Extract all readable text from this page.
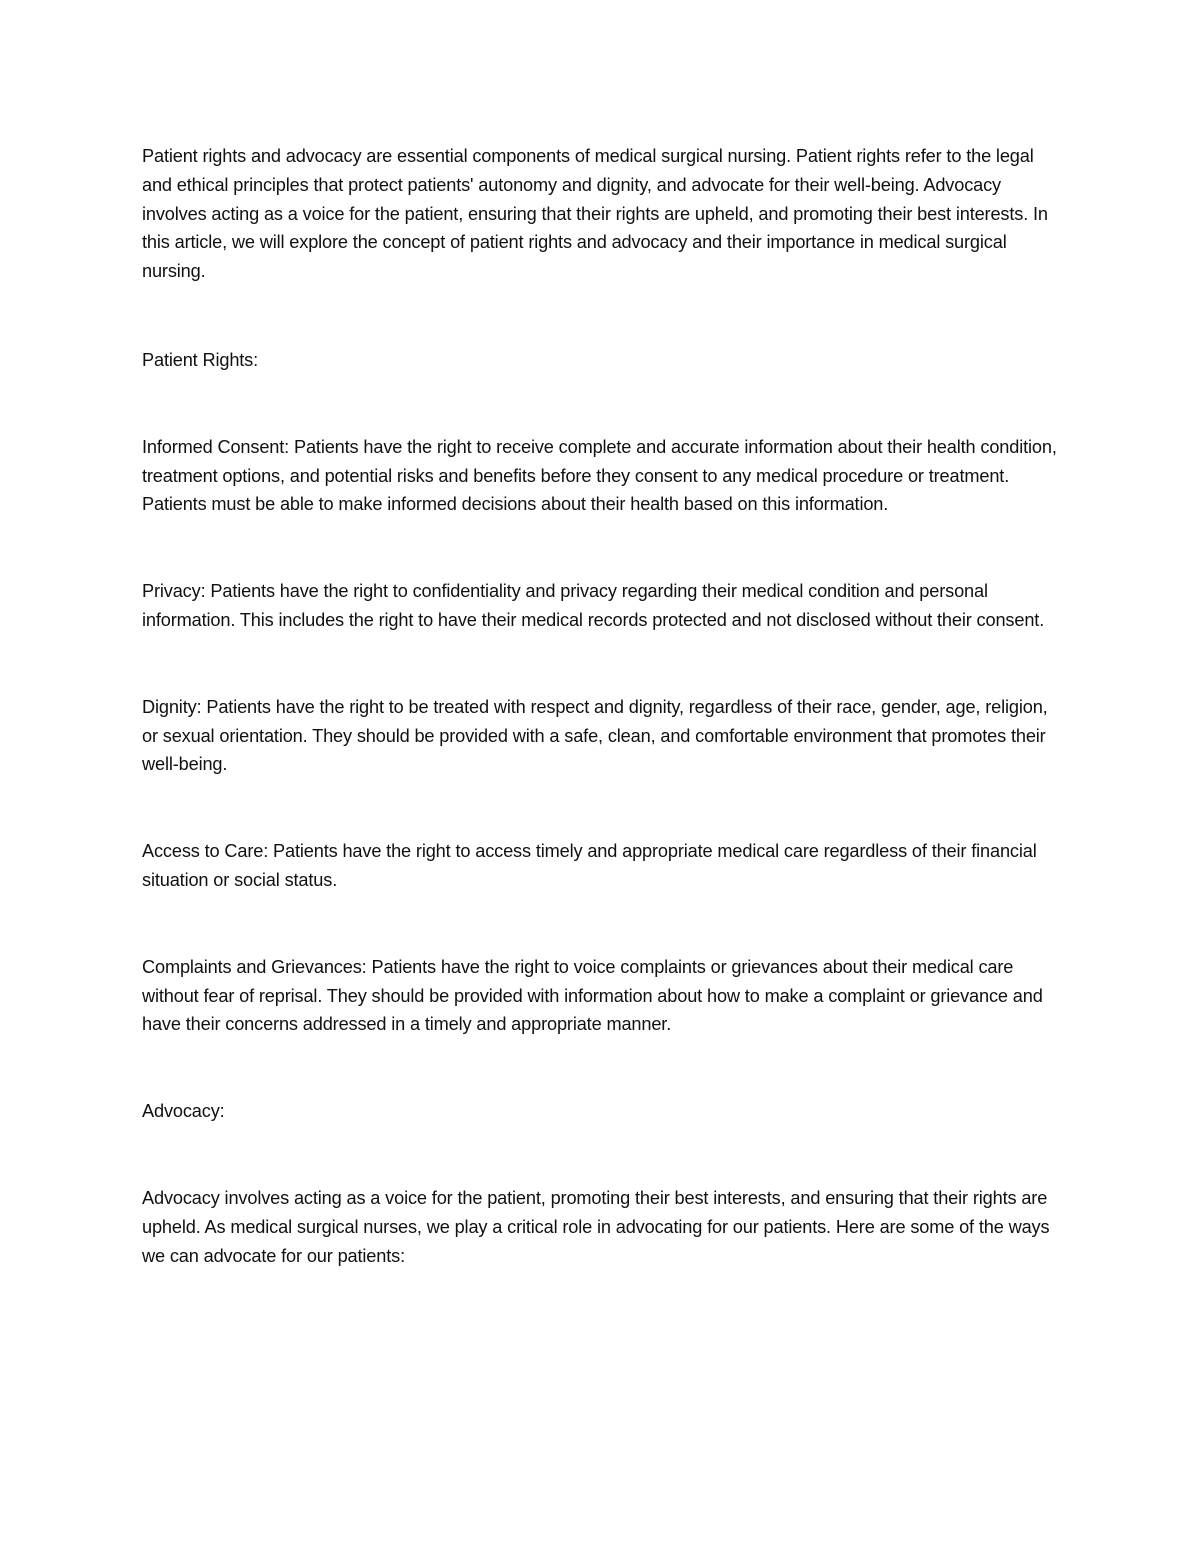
Patient rights and advocacy are essential components of medical surgical nursing. Patient rights refer to the legal and ethical principles that protect patients' autonomy and dignity, and advocate for their well-being. Advocacy involves acting as a voice for the patient, ensuring that their rights are upheld, and promoting their best interests. In this article, we will explore the concept of patient rights and advocacy and their importance in medical surgical nursing.

Patient Rights:

Informed Consent: Patients have the right to receive complete and accurate information about their health condition, treatment options, and potential risks and benefits before they consent to any medical procedure or treatment. Patients must be able to make informed decisions about their health based on this information.

Privacy: Patients have the right to confidentiality and privacy regarding their medical condition and personal information. This includes the right to have their medical records protected and not disclosed without their consent.

Dignity: Patients have the right to be treated with respect and dignity, regardless of their race, gender, age, religion, or sexual orientation. They should be provided with a safe, clean, and comfortable environment that promotes their well-being.

Access to Care: Patients have the right to access timely and appropriate medical care regardless of their financial situation or social status.

Complaints and Grievances: Patients have the right to voice complaints or grievances about their medical care without fear of reprisal. They should be provided with information about how to make a complaint or grievance and have their concerns addressed in a timely and appropriate manner.

Advocacy:

Advocacy involves acting as a voice for the patient, promoting their best interests, and ensuring that their rights are upheld. As medical surgical nurses, we play a critical role in advocating for our patients. Here are some of the ways we can advocate for our patients:
